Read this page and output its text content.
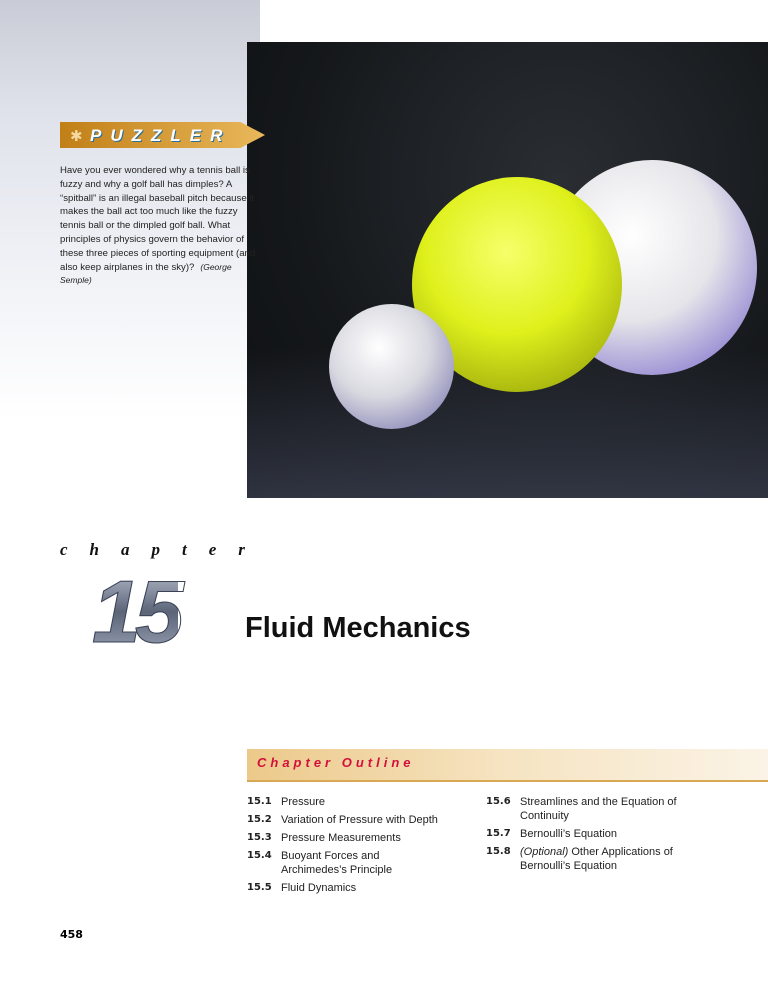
✱ PUZZLER
Have you ever wondered why a tennis ball is fuzzy and why a golf ball has dimples? A “spitball” is an illegal baseball pitch because it makes the ball act too much like the fuzzy tennis ball or the dimpled golf ball. What principles of physics govern the behavior of these three pieces of sporting equipment (and also keep airplanes in the sky)? (George Semple)
chapter
15 Fluid Mechanics
Chapter Outline
15.1 Pressure
15.2 Variation of Pressure with Depth
15.3 Pressure Measurements
15.4 Buoyant Forces and Archimedes’s Principle
15.5 Fluid Dynamics
15.6 Streamlines and the Equation of Continuity
15.7 Bernoulli’s Equation
15.8 (Optional) Other Applications of Bernoulli’s Equation
458
